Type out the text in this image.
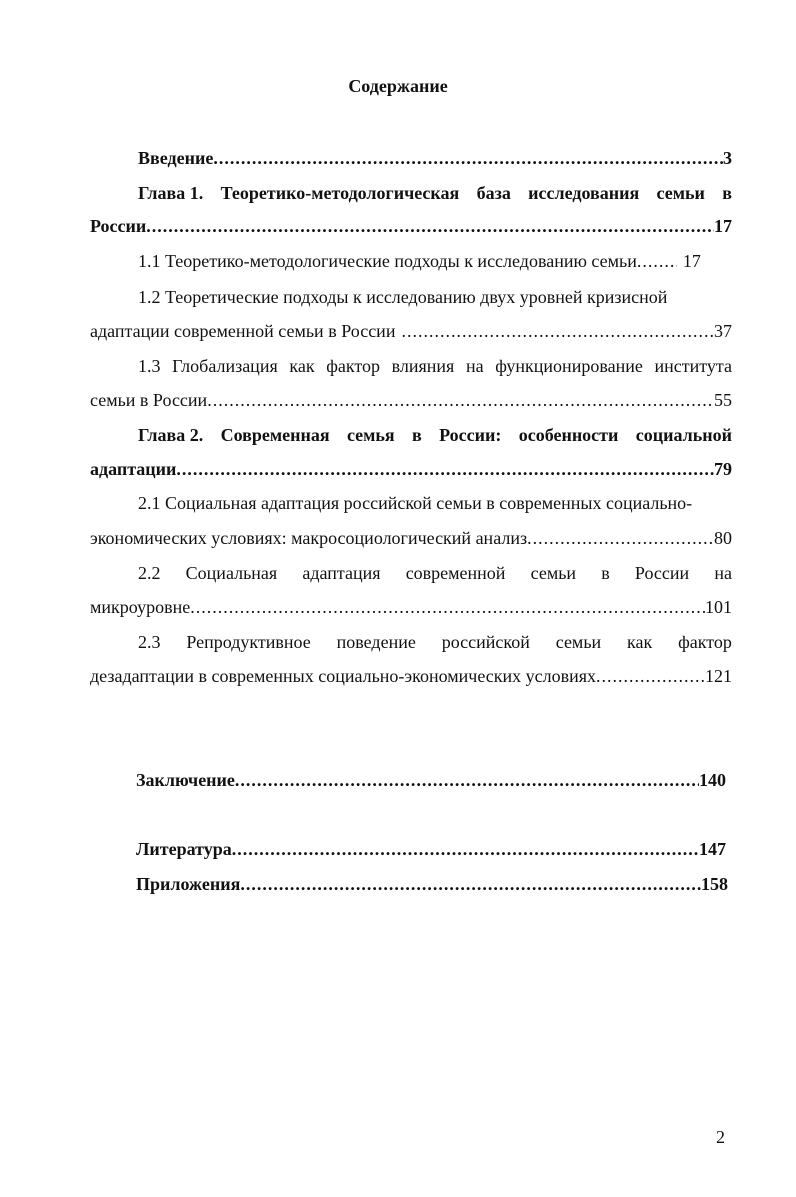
Содержание
Введение .....	3
Глава 1. Теоретико-методологическая база исследования семьи в
России .....	17
1.1 Теоретико-методологические подходы к исследованию семьи .....	17
1.2 Теоретические подходы к исследованию двух уровней кризисной
адаптации современной семьи в России .....	37
1.3 Глобализация как фактор влияния на функционирование института
семьи в России .....	55
Глава 2. Современная семья в России: особенности социальной
адаптации .....	79
2.1 Социальная адаптация российской семьи в современных социально-
экономических условиях: макросоциологический анализ .....	80
2.2 Социальная адаптация современной семьи в России на
микроуровне .....	101
2.3 Репродуктивное поведение российской семьи как фактор
дезадаптации в современных социально-экономических условиях .....	121
Заключение .....	140
Литература .....	147
Приложения .....	158
2
